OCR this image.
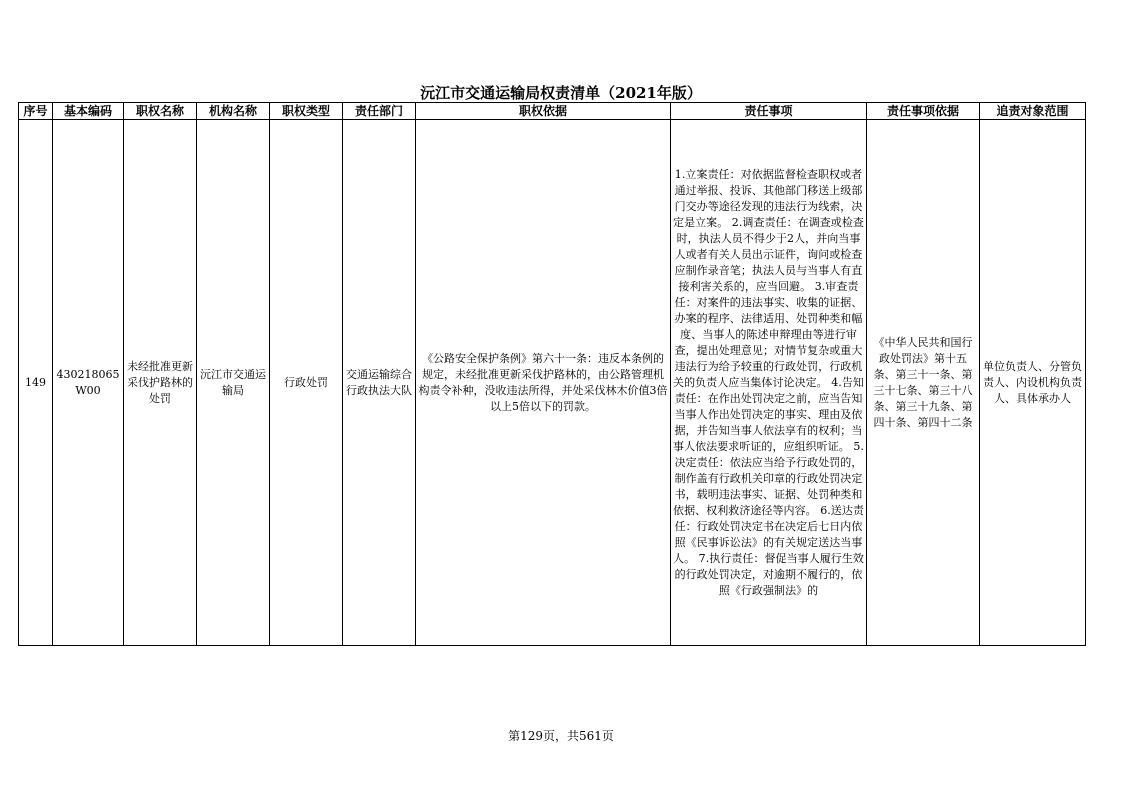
沅江市交通运输局权责清单（2021年版）
序号	基本编码	职权名称	机构名称	职权类型	责任部门	职权依据	责任事项	责任事项依据	追责对象范围
149	430218065W00	未经批准更新采伐护路林的处罚	沅江市交通运输局	行政处罚	交通运输综合行政执法大队	《公路安全保护条例》第六十一条：违反本条例的规定，未经批准更新采伐护路林的，由公路管理机构责令补种，没收违法所得，并处采伐林木价值3倍以上5倍以下的罚款。	1.立案责任：对依据监督检查职权或者通过举报、投诉、其他部门移送上级部门交办等途径发现的违法行为线索，决定是立案。 2.调查责任：在调查或检查时，执法人员不得少于2人，并向当事人或者有关人员出示证件，询问或检查应制作录音笔；执法人员与当事人有直接利害关系的，应当回避。 3.审查责任：对案件的违法事实、收集的证据、办案的程序、法律适用、处罚种类和幅度、当事人的陈述申辩理由等进行审查，提出处理意见；对情节复杂或重大违法行为给予较重的行政处罚，行政机关的负责人应当集体讨论决定。 4.告知责任：在作出处罚决定之前，应当告知当事人作出处罚决定的事实、理由及依据，并告知当事人依法享有的权利；当事人依法要求听证的，应组织听证。 5.决定责任：依法应当给予行政处罚的，制作盖有行政机关印章的行政处罚决定书，载明违法事实、证据、处罚种类和依据、权利救济途径等内容。 6.送达责任：行政处罚决定书在决定后七日内依照《民事诉讼法》的有关规定送达当事人。 7.执行责任：督促当事人履行生效的行政处罚决定，对逾期不履行的，依照《行政强制法》的	《中华人民共和国行政处罚法》第十五条、第三十一条、第三十七条、第三十八条、第三十九条、第四十条、第四十二条	单位负责人、分管负责人、内设机构负责人、具体承办人
第129页，共561页
